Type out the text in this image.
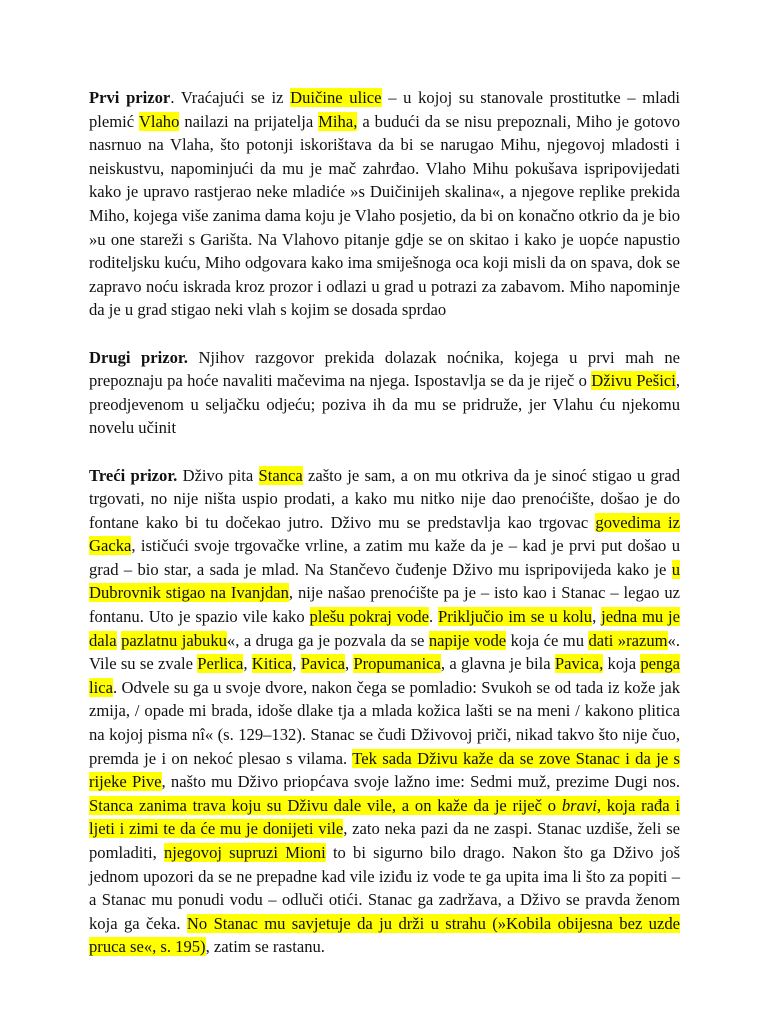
Prvi prizor. Vraćajući se iz Duičine ulice – u kojoj su stanovale prostitutke – mladi plemić Vlaho nailazi na prijatelja Miha, a budući da se nisu prepoznali, Miho je gotovo nasrnuo na Vlaha, što potonji iskorištava da bi se narugao Mihu, njegovoj mladosti i neiskustvu, napominjući da mu je mač zahrđao. Vlaho Mihu pokušava ispripovijedati kako je upravo rastjerao neke mladiće »s Duičinijeh skalina«, a njegove replike prekida Miho, kojega više zanima dama koju je Vlaho posjetio, da bi on konačno otkrio da je bio »u one stareži s Garišta. Na Vlahovo pitanje gdje se on skitao i kako je uopće napustio roditeljsku kuću, Miho odgovara kako ima smiješnoga oca koji misli da on spava, dok se zapravo noću iskrada kroz prozor i odlazi u grad u potrazi za zabavom. Miho napominje da je u grad stigao neki vlah s kojim se dosada sprdao

Drugi prizor. Njihov razgovor prekida dolazak noćnika, kojega u prvi mah ne prepoznaju pa hoće navaliti mačevima na njega. Ispostavlja se da je riječ o Dživu Pešici, preodjevenom u seljačku odjeću; poziva ih da mu se pridruže, jer Vlahu ću njekomu novelu učinit

Treći prizor. Dživo pita Stanca zašto je sam, a on mu otkriva da je sinoć stigao u grad trgovati, no nije ništa uspio prodati, a kako mu nitko nije dao prenoćište, došao je do fontane kako bi tu dočekao jutro. Dživo mu se predstavlja kao trgovac govedima iz Gacka, ističući svoje trgovačke vrline, a zatim mu kaže da je – kad je prvi put došao u grad – bio star, a sada je mlad. Na Stančevo čuđenje Dživo mu ispripovijeda kako je u Dubrovnik stigao na Ivanjdan, nije našao prenoćište pa je – isto kao i Stanac – legao uz fontanu. Uto je spazio vile kako plešu pokraj vode. Priključio im se u kolu, jedna mu je dala pazlatnu jabuku«, a druga ga je pozvala da se napije vode koja će mu dati »razum«. Vile su se zvale Perlica, Kitica, Pavica, Propumanica, a glavna je bila Pavica, koja penga lica. Odvele su ga u svoje dvore, nakon čega se pomladio: Svukoh se od tada iz kože jak zmija, / opade mi brada, idoše dlake tja a mlada kožica lašti se na meni / kakono plitica na kojoj pisma nî« (s. 129–132). Stanac se čudi Dživovoj priči, nikad takvo što nije čuo, premda je i on nekoć plesao s vilama. Tek sada Dživu kaže da se zove Stanac i da je s rijeke Pive, našto mu Dživo priopćava svoje lažno ime: Sedmi muž, prezime Dugi nos. Stanca zanima trava koju su Dživu dale vile, a on kaže da je riječ o bravi, koja rađa i ljeti i zimi te da će mu je donijeti vile, zato neka pazi da ne zaspi. Stanac uzdiše, želi se pomladiti, njegovoj supruzi Mioni to bi sigurno bilo drago. Nakon što ga Dživo još jednom upozori da se ne prepadne kad vile iziđu iz vode te ga upita ima li što za popiti – a Stanac mu ponudi vodu – odluči otići. Stanac ga zadržava, a Dživo se pravda ženom koja ga čeka. No Stanac mu savjetuje da ju drži u strahu (»Kobila obijesna bez uzde pruca se«, s. 195), zatim se rastanu.
